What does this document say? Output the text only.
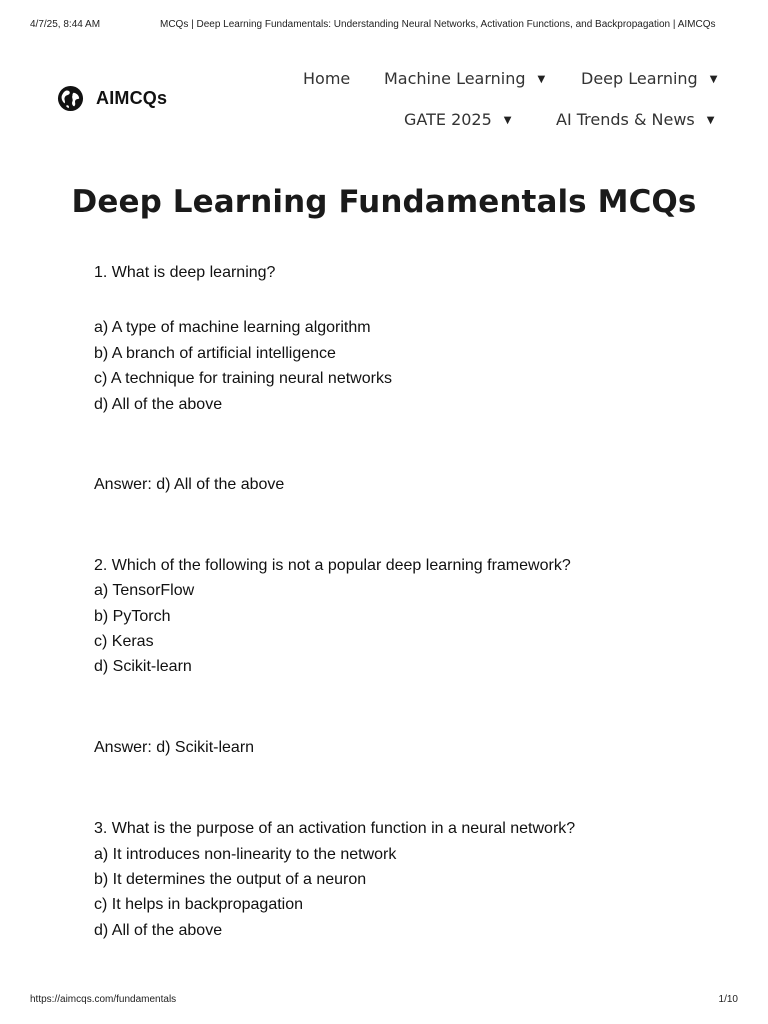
4/7/25, 8:44 AM	MCQs | Deep Learning Fundamentals: Understanding Neural Networks, Activation Functions, and Backpropagation | AIMCQs
AIMCQs
Home Machine Learning ▼ Deep Learning ▼
GATE 2025 ▼	AI Trends & News ▼
Deep Learning Fundamentals MCQs
1. What is deep learning?
a) A type of machine learning algorithm
b) A branch of artificial intelligence
c) A technique for training neural networks
d) All of the above
Answer: d) All of the above
2. Which of the following is not a popular deep learning framework?
a) TensorFlow
b) PyTorch
c) Keras
d) Scikit-learn
Answer: d) Scikit-learn
3. What is the purpose of an activation function in a neural network?
a) It introduces non-linearity to the network
b) It determines the output of a neuron
c) It helps in backpropagation
d) All of the above
https://aimcqs.com/fundamentals	1/10
